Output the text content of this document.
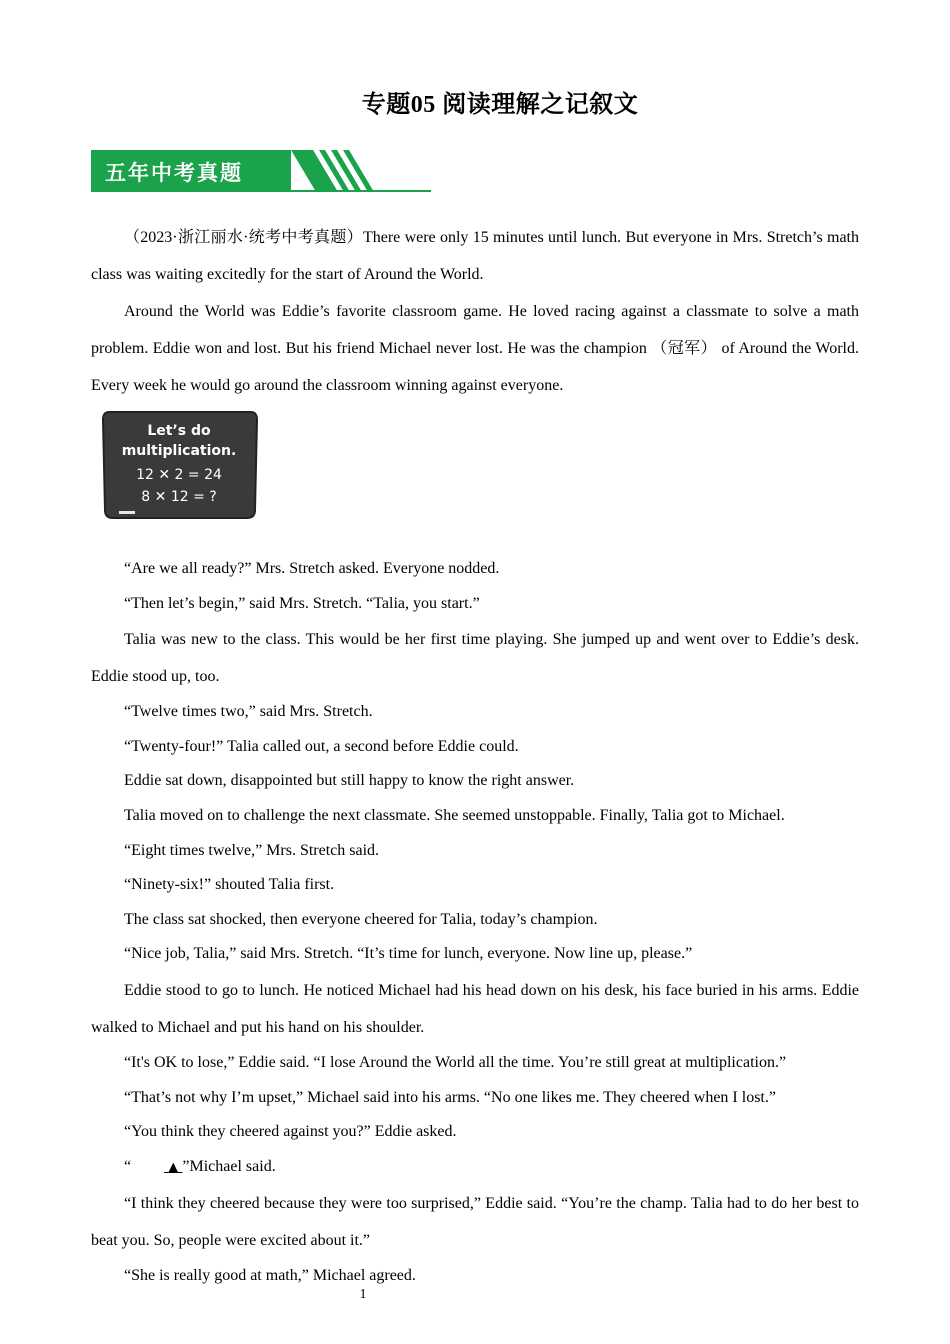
专题05 阅读理解之记叙文
五年中考真题

（2023·浙江丽水·统考中考真题）There were only 15 minutes until lunch. But everyone in Mrs. Stretch’s math class was waiting excitedly for the start of Around the World.

Around the World was Eddie’s favorite classroom game. He loved racing against a classmate to solve a math problem. Eddie won and lost. But his friend Michael never lost. He was the champion （冠军） of Around the World. Every week he would go around the classroom winning against everyone.

Let’s do
multiplication.
12 ✕ 2 = 24
8 ✕ 12 = ?

“Are we all ready?” Mrs. Stretch asked. Everyone nodded.

“Then let’s begin,” said Mrs. Stretch. “Talia, you start.”

Talia was new to the class. This would be her first time playing. She jumped up and went over to Eddie’s desk. Eddie stood up, too.

“Twelve times two,” said Mrs. Stretch.

“Twenty-four!” Talia called out, a second before Eddie could.

Eddie sat down, disappointed but still happy to know the right answer.

Talia moved on to challenge the next classmate. She seemed unstoppable. Finally, Talia got to Michael.

“Eight times twelve,” Mrs. Stretch said.

“Ninety-six!” shouted Talia first.

The class sat shocked, then everyone cheered for Talia, today’s champion.

“Nice job, Talia,” said Mrs. Stretch. “It’s time for lunch, everyone. Now line up, please.”

Eddie stood to go to lunch. He noticed Michael had his head down on his desk, his face buried in his arms. Eddie walked to Michael and put his hand on his shoulder.

“It's OK to lose,” Eddie said. “I lose Around the World all the time. You’re still great at multiplication.”

“That’s not why I’m upset,” Michael said into his arms. “No one likes me. They cheered when I lost.”

“You think they cheered against you?” Eddie asked.

“	▲ ”Michael said.

“I think they cheered because they were too surprised,” Eddie said. “You’re the champ. Talia had to do her best to beat you. So, people were excited about it.”

“She is really good at math,” Michael agreed.

1
